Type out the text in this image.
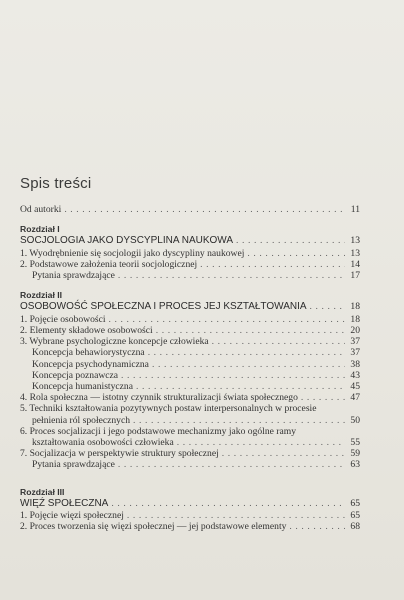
Spis treści
Od autorki . . .	11
Rozdział I
SOCJOLOGIA JAKO DYSCYPLINA NAUKOWA . . .	13
1. Wyodrębnienie się socjologii jako dyscypliny naukowej . . .	13
2. Podstawowe założenia teorii socjologicznej . . .	14
Pytania sprawdzające . . .	17
Rozdział II
OSOBOWOŚĆ SPOŁECZNA I PROCES JEJ KSZTAŁTOWANIA . . .	18
1. Pojęcie osobowości . . .	18
2. Elementy składowe osobowości . . .	20
3. Wybrane psychologiczne koncepcje człowieka . . .	37
Koncepcja behawiorystyczna . . .	37
Koncepcja psychodynamiczna . . .	38
Koncepcja poznawcza . . .	43
Koncepcja humanistyczna . . .	45
4. Rola społeczna — istotny czynnik strukturalizacji świata społecznego . . .	47
5. Techniki kształtowania pozytywnych postaw interpersonalnych w procesie
pełnienia ról społecznych . . .	50
6. Proces socjalizacji i jego podstawowe mechanizmy jako ogólne ramy
kształtowania osobowości człowieka . . .	55
7. Socjalizacja w perspektywie struktury społecznej . . .	59
Pytania sprawdzające . . .	63
Rozdział III
WIĘŹ SPOŁECZNA . . .	65
1. Pojęcie więzi społecznej . . .	65
2. Proces tworzenia się więzi społecznej — jej podstawowe elementy . . .	68
